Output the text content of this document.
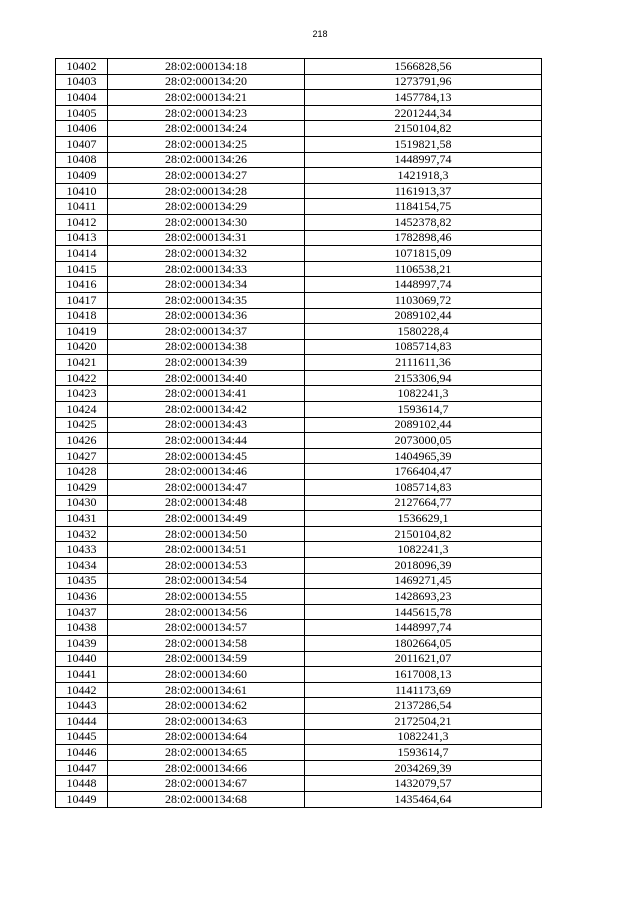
218
10402	28:02:000134:18	1566828,56
10403	28:02:000134:20	1273791,96
10404	28:02:000134:21	1457784,13
10405	28:02:000134:23	2201244,34
10406	28:02:000134:24	2150104,82
10407	28:02:000134:25	1519821,58
10408	28:02:000134:26	1448997,74
10409	28:02:000134:27	1421918,3
10410	28:02:000134:28	1161913,37
10411	28:02:000134:29	1184154,75
10412	28:02:000134:30	1452378,82
10413	28:02:000134:31	1782898,46
10414	28:02:000134:32	1071815,09
10415	28:02:000134:33	1106538,21
10416	28:02:000134:34	1448997,74
10417	28:02:000134:35	1103069,72
10418	28:02:000134:36	2089102,44
10419	28:02:000134:37	1580228,4
10420	28:02:000134:38	1085714,83
10421	28:02:000134:39	2111611,36
10422	28:02:000134:40	2153306,94
10423	28:02:000134:41	1082241,3
10424	28:02:000134:42	1593614,7
10425	28:02:000134:43	2089102,44
10426	28:02:000134:44	2073000,05
10427	28:02:000134:45	1404965,39
10428	28:02:000134:46	1766404,47
10429	28:02:000134:47	1085714,83
10430	28:02:000134:48	2127664,77
10431	28:02:000134:49	1536629,1
10432	28:02:000134:50	2150104,82
10433	28:02:000134:51	1082241,3
10434	28:02:000134:53	2018096,39
10435	28:02:000134:54	1469271,45
10436	28:02:000134:55	1428693,23
10437	28:02:000134:56	1445615,78
10438	28:02:000134:57	1448997,74
10439	28:02:000134:58	1802664,05
10440	28:02:000134:59	2011621,07
10441	28:02:000134:60	1617008,13
10442	28:02:000134:61	1141173,69
10443	28:02:000134:62	2137286,54
10444	28:02:000134:63	2172504,21
10445	28:02:000134:64	1082241,3
10446	28:02:000134:65	1593614,7
10447	28:02:000134:66	2034269,39
10448	28:02:000134:67	1432079,57
10449	28:02:000134:68	1435464,64
